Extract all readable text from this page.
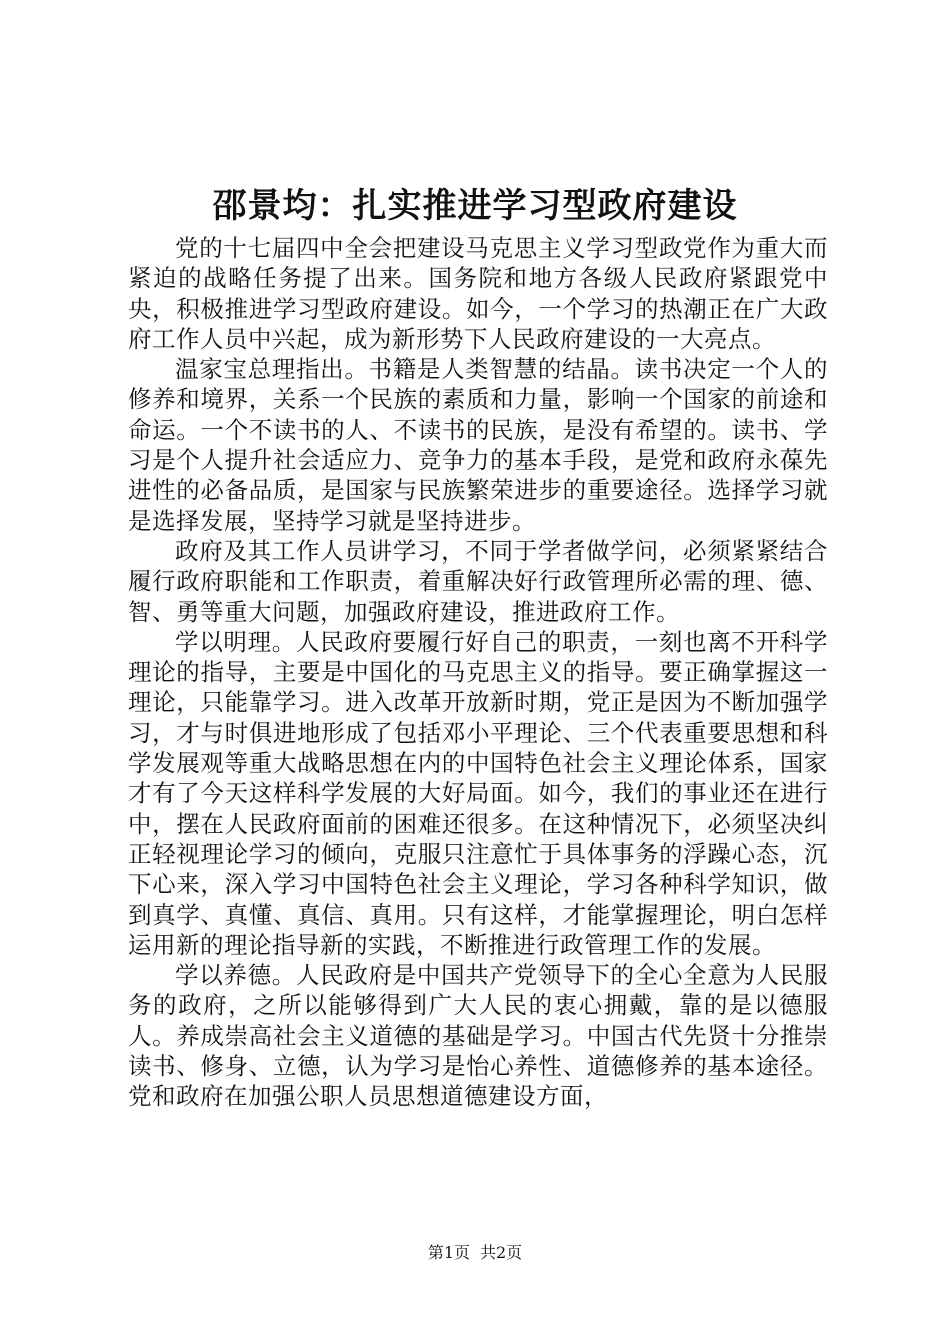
邵景均：扎实推进学习型政府建设

党的十七届四中全会把建设马克思主义学习型政党作为重大而紧迫的战略任务提了出来。国务院和地方各级人民政府紧跟党中央，积极推进学习型政府建设。如今，一个学习的热潮正在广大政府工作人员中兴起，成为新形势下人民政府建设的一大亮点。

温家宝总理指出。书籍是人类智慧的结晶。读书决定一个人的修养和境界，关系一个民族的素质和力量，影响一个国家的前途和命运。一个不读书的人、不读书的民族，是没有希望的。读书、学习是个人提升社会适应力、竞争力的基本手段，是党和政府永葆先进性的必备品质，是国家与民族繁荣进步的重要途径。选择学习就是选择发展，坚持学习就是坚持进步。

政府及其工作人员讲学习，不同于学者做学问，必须紧紧结合履行政府职能和工作职责，着重解决好行政管理所必需的理、德、智、勇等重大问题，加强政府建设，推进政府工作。

学以明理。人民政府要履行好自己的职责，一刻也离不开科学理论的指导，主要是中国化的马克思主义的指导。要正确掌握这一理论，只能靠学习。进入改革开放新时期，党正是因为不断加强学习，才与时俱进地形成了包括邓小平理论、三个代表重要思想和科学发展观等重大战略思想在内的中国特色社会主义理论体系，国家才有了今天这样科学发展的大好局面。如今，我们的事业还在进行中，摆在人民政府面前的困难还很多。在这种情况下，必须坚决纠正轻视理论学习的倾向，克服只注意忙于具体事务的浮躁心态，沉下心来，深入学习中国特色社会主义理论，学习各种科学知识，做到真学、真懂、真信、真用。只有这样，才能掌握理论，明白怎样运用新的理论指导新的实践，不断推进行政管理工作的发展。

学以养德。人民政府是中国共产党领导下的全心全意为人民服务的政府，之所以能够得到广大人民的衷心拥戴，靠的是以德服人。养成崇高社会主义道德的基础是学习。中国古代先贤十分推崇读书、修身、立德，认为学习是怡心养性、道德修养的基本途径。党和政府在加强公职人员思想道德建设方面，

第1页 共2页
